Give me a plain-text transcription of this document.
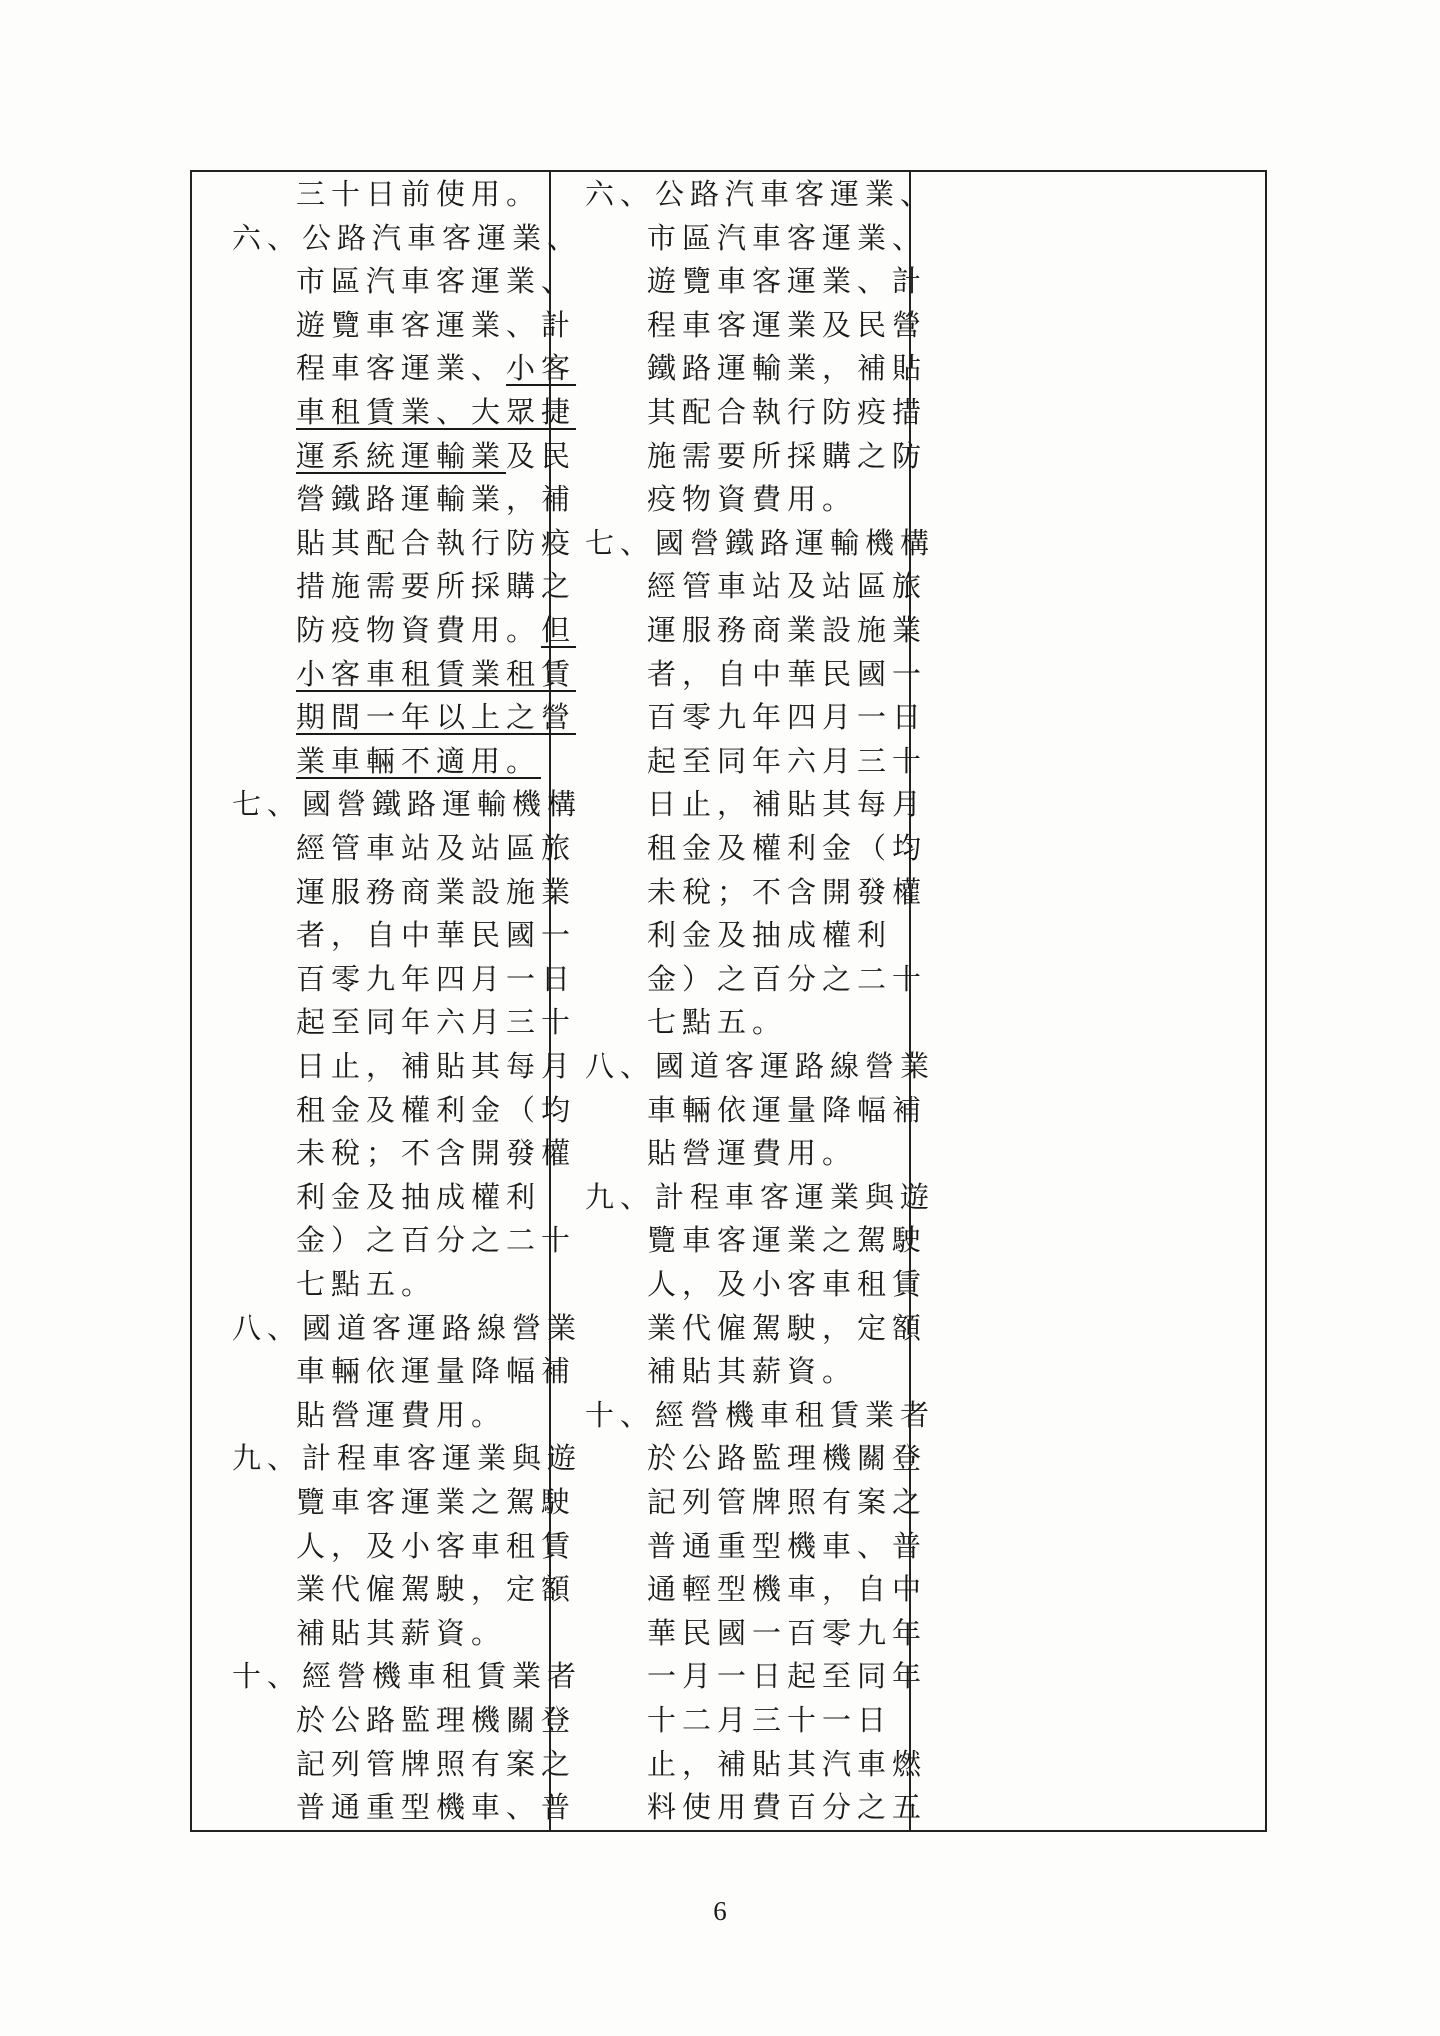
三十日前使用。
六、公路汽車客運業、
市區汽車客運業、
遊覽車客運業、計
程車客運業、小客
車租賃業、大眾捷
運系統運輸業及民
營鐵路運輸業，補
貼其配合執行防疫
措施需要所採購之
防疫物資費用。但
小客車租賃業租賃
期間一年以上之營
業車輛不適用。
七、國營鐵路運輸機構
經管車站及站區旅
運服務商業設施業
者，自中華民國一
百零九年四月一日
起至同年六月三十
日止，補貼其每月
租金及權利金（均
未稅；不含開發權
利金及抽成權利
金）之百分之二十
七點五。
八、國道客運路線營業
車輛依運量降幅補
貼營運費用。
九、計程車客運業與遊
覽車客運業之駕駛
人，及小客車租賃
業代僱駕駛，定額
補貼其薪資。
十、經營機車租賃業者
於公路監理機關登
記列管牌照有案之
普通重型機車、普
六、公路汽車客運業、
市區汽車客運業、
遊覽車客運業、計
程車客運業及民營
鐵路運輸業，補貼
其配合執行防疫措
施需要所採購之防
疫物資費用。
七、國營鐵路運輸機構
經管車站及站區旅
運服務商業設施業
者，自中華民國一
百零九年四月一日
起至同年六月三十
日止，補貼其每月
租金及權利金（均
未稅；不含開發權
利金及抽成權利
金）之百分之二十
七點五。
八、國道客運路線營業
車輛依運量降幅補
貼營運費用。
九、計程車客運業與遊
覽車客運業之駕駛
人，及小客車租賃
業代僱駕駛，定額
補貼其薪資。
十、經營機車租賃業者
於公路監理機關登
記列管牌照有案之
普通重型機車、普
通輕型機車，自中
華民國一百零九年
一月一日起至同年
十二月三十一日
止，補貼其汽車燃
料使用費百分之五
6
